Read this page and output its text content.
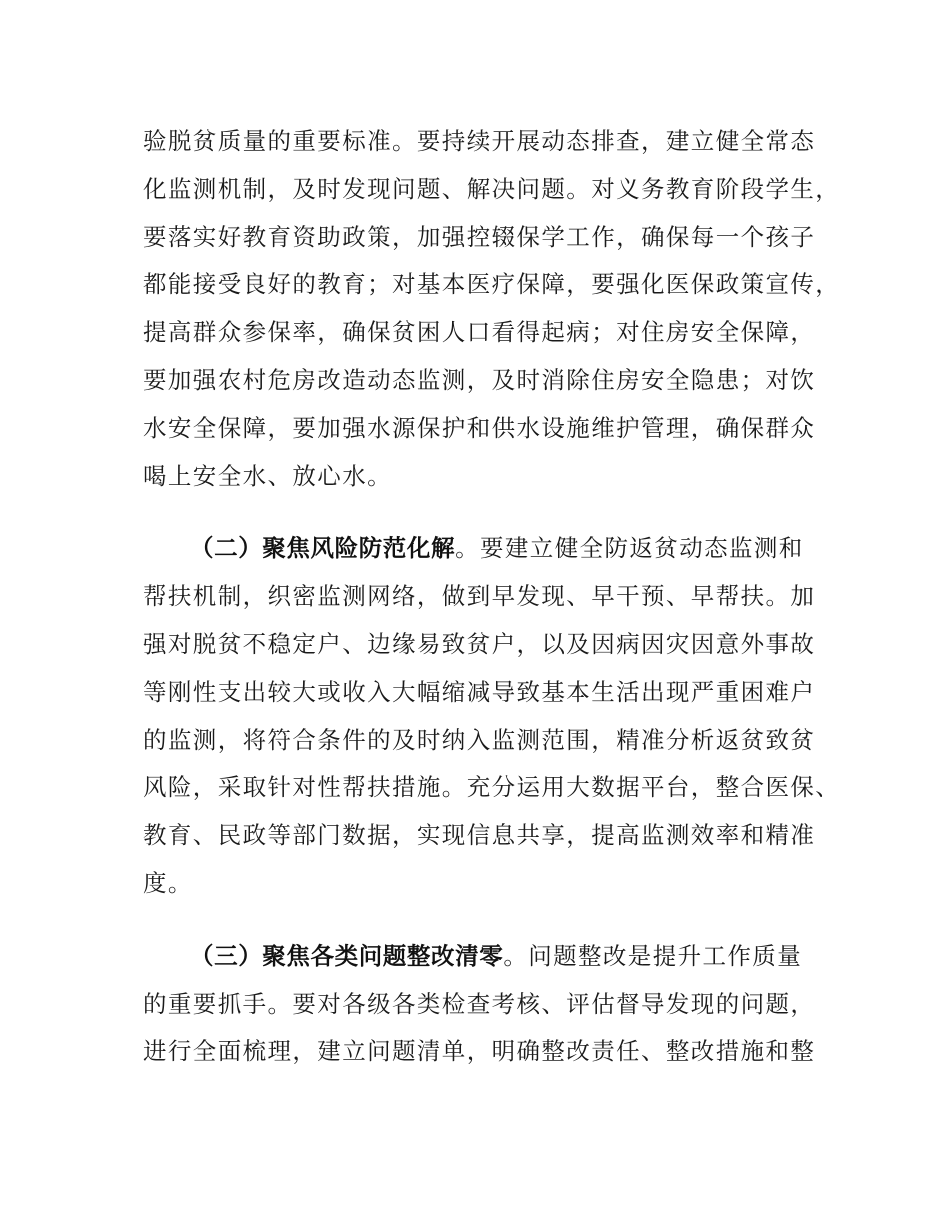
验脱贫质量的重要标准。要持续开展动态排查，建立健全常态
化监测机制，及时发现问题、解决问题。对义务教育阶段学生，
要落实好教育资助政策，加强控辍保学工作，确保每一个孩子
都能接受良好的教育；对基本医疗保障，要强化医保政策宣传，
提高群众参保率，确保贫困人口看得起病；对住房安全保障，
要加强农村危房改造动态监测，及时消除住房安全隐患；对饮
水安全保障，要加强水源保护和供水设施维护管理，确保群众
喝上安全水、放心水。
（二）聚焦风险防范化解。要建立健全防返贫动态监测和
帮扶机制，织密监测网络，做到早发现、早干预、早帮扶。加
强对脱贫不稳定户、边缘易致贫户，以及因病因灾因意外事故
等刚性支出较大或收入大幅缩减导致基本生活出现严重困难户
的监测，将符合条件的及时纳入监测范围，精准分析返贫致贫
风险，采取针对性帮扶措施。充分运用大数据平台，整合医保、
教育、民政等部门数据，实现信息共享，提高监测效率和精准
度。
（三）聚焦各类问题整改清零。问题整改是提升工作质量
的重要抓手。要对各级各类检查考核、评估督导发现的问题，
进行全面梳理，建立问题清单，明确整改责任、整改措施和整
